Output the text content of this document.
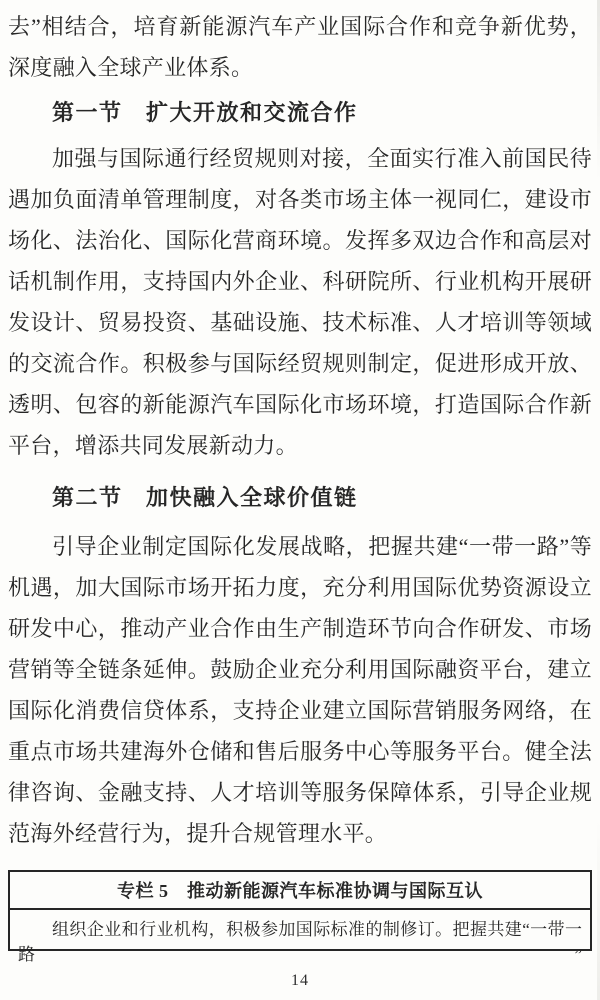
去”相结合，培育新能源汽车产业国际合作和竞争新优势，深度融入全球产业体系。

第一节　扩大开放和交流合作

加强与国际通行经贸规则对接，全面实行准入前国民待遇加负面清单管理制度，对各类市场主体一视同仁，建设市场化、法治化、国际化营商环境。发挥多双边合作和高层对话机制作用，支持国内外企业、科研院所、行业机构开展研发设计、贸易投资、基础设施、技术标准、人才培训等领域的交流合作。积极参与国际经贸规则制定，促进形成开放、透明、包容的新能源汽车国际化市场环境，打造国际合作新平台，增添共同发展新动力。

第二节　加快融入全球价值链

引导企业制定国际化发展战略，把握共建“一带一路”等机遇，加大国际市场开拓力度，充分利用国际优势资源设立研发中心，推动产业合作由生产制造环节向合作研发、市场营销等全链条延伸。鼓励企业充分利用国际融资平台，建立国际化消费信贷体系，支持企业建立国际营销服务网络，在重点市场共建海外仓储和售后服务中心等服务平台。健全法律咨询、金融支持、人才培训等服务保障体系，引导企业规范海外经营行为，提升合规管理水平。

专栏 5　推动新能源汽车标准协调与国际互认
组织企业和行业机构，积极参加国际标准的制修订。把握共建“一带一路”
14
